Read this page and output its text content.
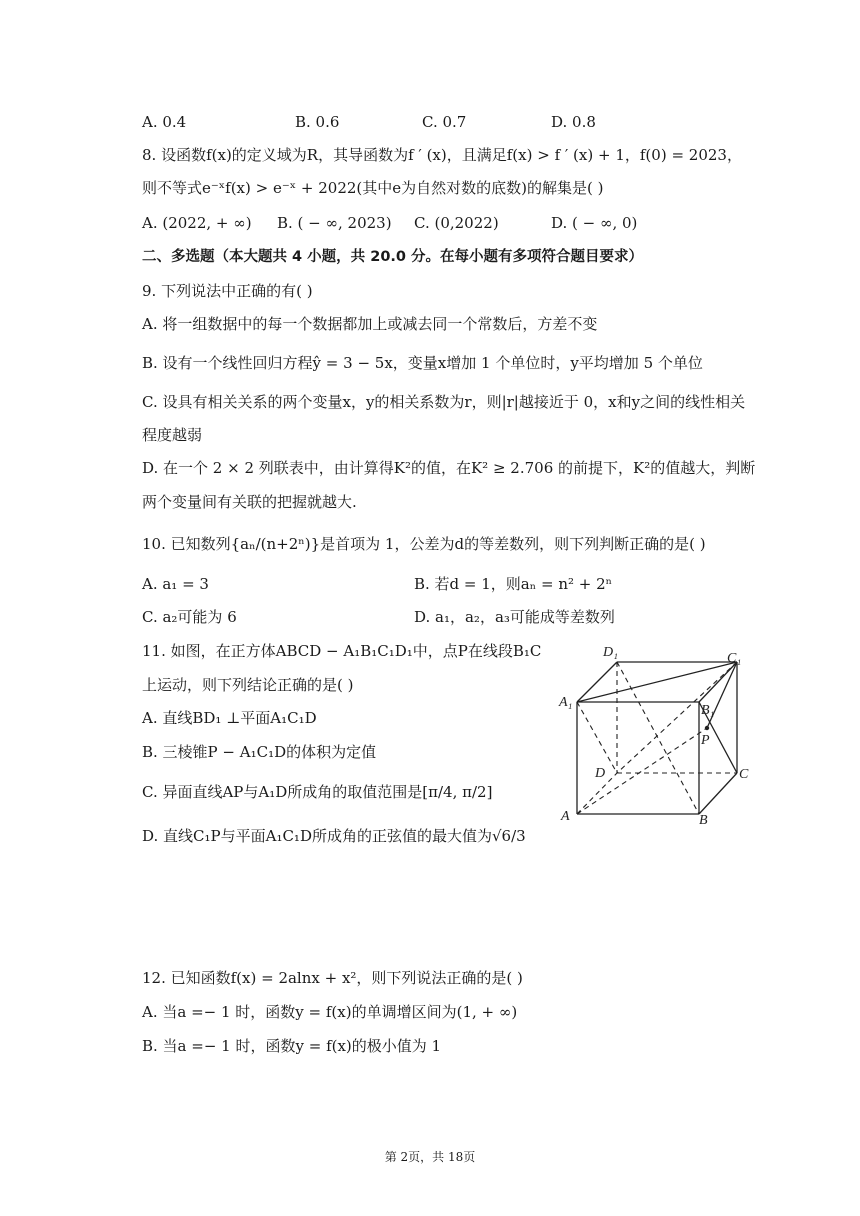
A. 0.4	B. 0.6	C. 0.7	D. 0.8
8. 设函数f(x)的定义域为R，其导函数为f ′ (x)，且满足f(x) > f ′ (x) + 1，f(0) = 2023，
则不等式e⁻ˣf(x) > e⁻ˣ + 2022(其中e为自然对数的底数)的解集是( )
A. (2022, + ∞) B. ( − ∞, 2023) C. (0,2022)	D. ( − ∞, 0)
二、多选题（本大题共 4 小题，共 20.0 分。在每小题有多项符合题目要求）
9. 下列说法中正确的有( )
A. 将一组数据中的每一个数据都加上或减去同一个常数后，方差不变
B. 设有一个线性回归方程ŷ = 3 − 5x，变量x增加 1 个单位时，y平均增加 5 个单位
C. 设具有相关关系的两个变量x，y的相关系数为r，则|r|越接近于 0，x和y之间的线性相关
程度越弱
D. 在一个 2 × 2 列联表中，由计算得K²的值，在K² ≥ 2.706 的前提下，K²的值越大，判断
两个变量间有关联的把握就越大.
10. 已知数列{aₙ/(n+2ⁿ)}是首项为 1，公差为d的等差数列，则下列判断正确的是( )
A. a₁ = 3	B. 若d = 1，则aₙ = n² + 2ⁿ
C. a₂可能为 6	D. a₁，a₂，a₃可能成等差数列
11. 如图，在正方体ABCD − A₁B₁C₁D₁中，点P在线段B₁C
上运动，则下列结论正确的是( )
A. 直线BD₁ ⊥平面A₁C₁D
B. 三棱锥P − A₁C₁D的体积为定值
C. 异面直线AP与A₁D所成角的取值范围是[π/4, π/2]
D. 直线C₁P与平面A₁C₁D所成角的正弦值的最大值为√6/3
D₁	C₁
A₁
B₁
P
D	C
A	B
12. 已知函数f(x) = 2alnx + x²，则下列说法正确的是( )
A. 当a =− 1 时，函数y = f(x)的单调增区间为(1, + ∞)
B. 当a =− 1 时，函数y = f(x)的极小值为 1
第 2页，共 18页
